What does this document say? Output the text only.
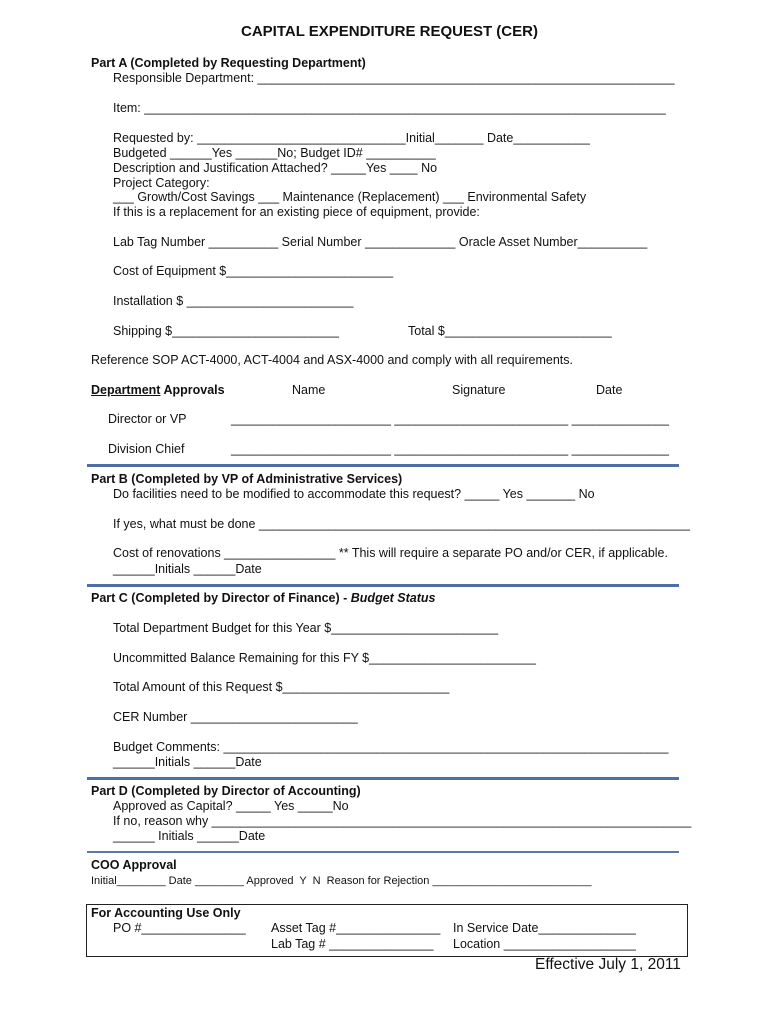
CAPITAL EXPENDITURE REQUEST (CER)
Part A (Completed by Requesting Department)
Responsible Department: ____________________________________________________________
Item: ___________________________________________________________________________
Requested by: ______________________________Initial_______ Date___________
Budgeted ______Yes ______No; Budget ID# __________
Description and Justification Attached? _____Yes ____ No
Project Category:
___ Growth/Cost Savings ___ Maintenance (Replacement) ___ Environmental Safety
If this is a replacement for an existing piece of equipment, provide:
Lab Tag Number __________ Serial Number _____________ Oracle Asset Number__________
Cost of Equipment $________________________
Installation $ ________________________
Shipping $________________________	Total $________________________
Reference SOP ACT-4000, ACT-4004 and ASX-4000 and comply with all requirements.
Department Approvals	Name	Signature	Date
Director or VP	_______________________ _________________________ ______________
Division Chief	_______________________ _________________________ ______________
Part B (Completed by VP of Administrative Services)
Do facilities need to be modified to accommodate this request? _____ Yes _______ No
If yes, what must be done ______________________________________________________________
Cost of renovations ________________ ** This will require a separate PO and/or CER, if applicable.
______Initials ______Date
Part C (Completed by Director of Finance) - Budget Status
Total Department Budget for this Year $________________________
Uncommitted Balance Remaining for this FY $________________________
Total Amount of this Request $________________________
CER Number ________________________
Budget Comments: ________________________________________________________________
______Initials ______Date
Part D (Completed by Director of Accounting)
Approved as Capital? _____ Yes _____No
If no, reason why _____________________________________________________________________
______ Initials ______Date
COO Approval
Initial________ Date ________ Approved  Y  N  Reason for Rejection __________________________
For Accounting Use Only
PO #_______________ Asset Tag #_______________
Lab Tag # _______________
In Service Date______________
Location ___________________
Effective July 1, 2011
